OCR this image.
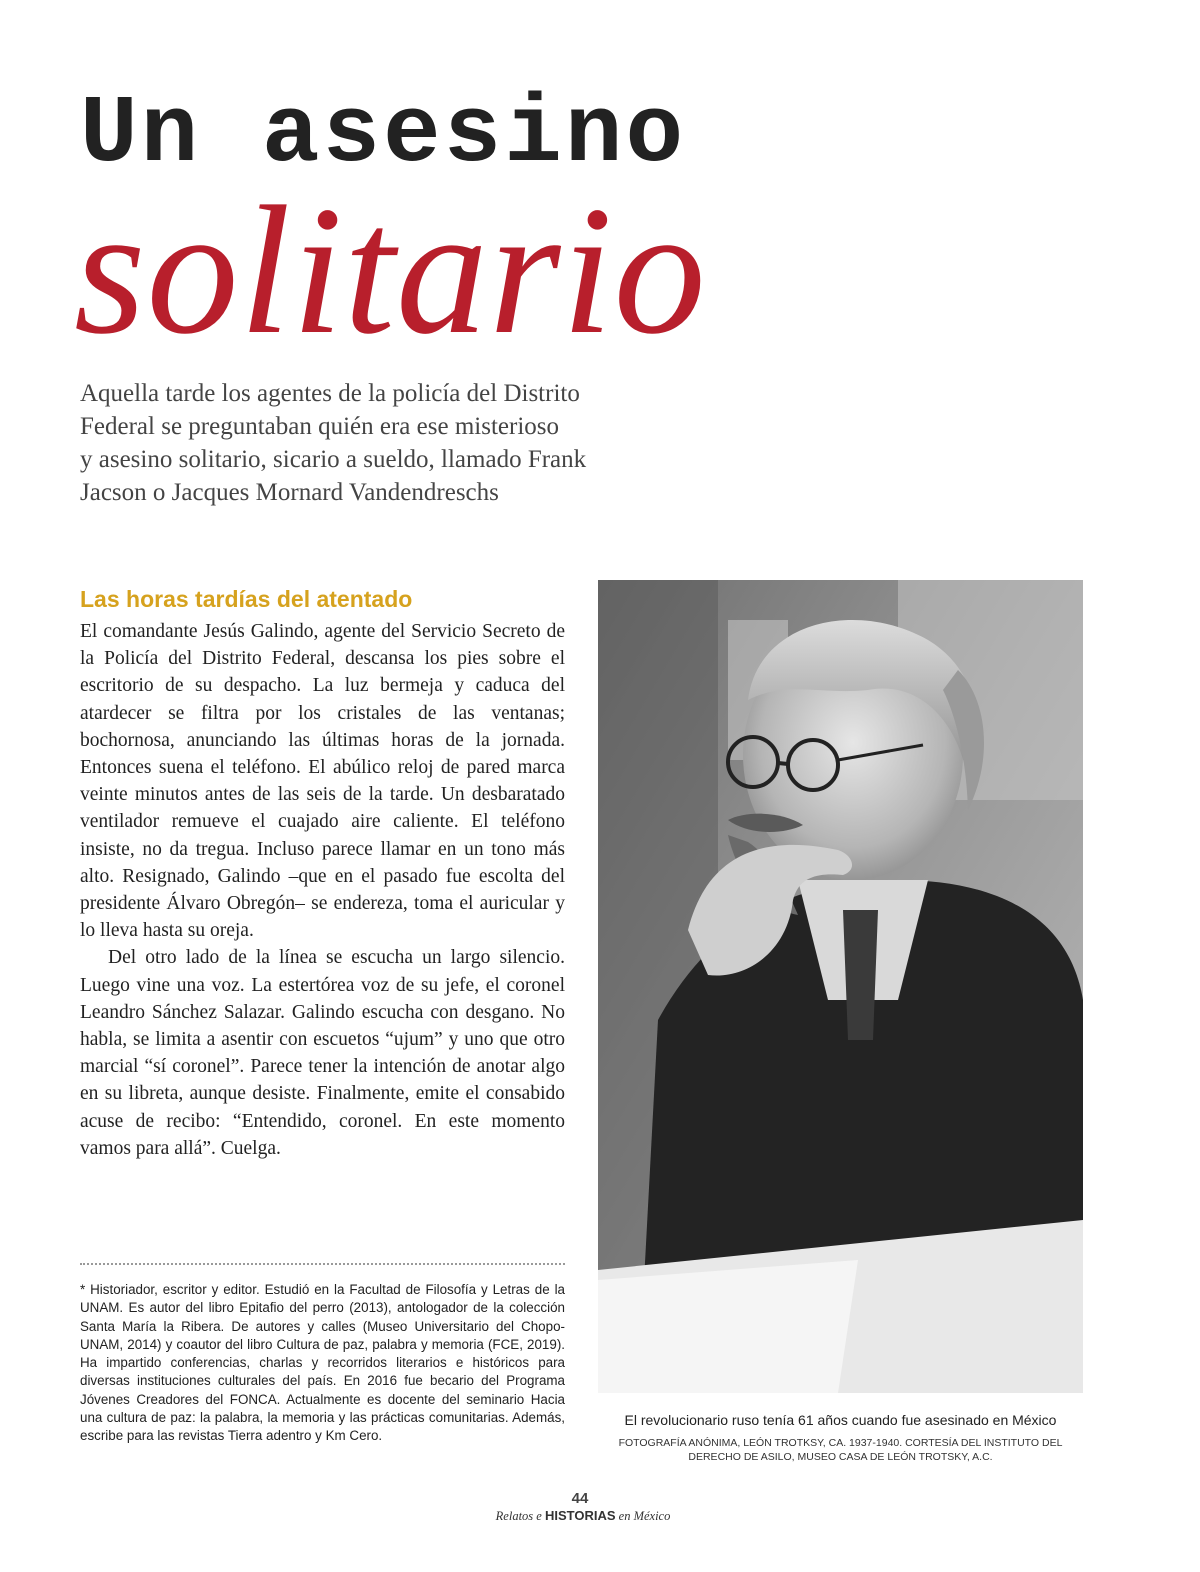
Un asesino
solitario
Aquella tarde los agentes de la policía del Distrito
Federal se preguntaban quién era ese misterioso
y asesino solitario, sicario a sueldo, llamado Frank
Jacson o Jacques Mornard Vandendreschs
Las horas tardías del atentado

El comandante Jesús Galindo, agente del Servicio Secreto de la Policía del Distrito Federal, descansa los pies sobre el escritorio de su despacho. La luz bermeja y caduca del atardecer se filtra por los cristales de las ventanas; bochornosa, anunciando las últimas horas de la jornada. Entonces suena el teléfono. El abúlico reloj de pared marca veinte minutos antes de las seis de la tarde. Un desbaratado ventilador remueve el cuajado aire caliente. El teléfono insiste, no da tregua. Incluso parece llamar en un tono más alto. Resignado, Galindo –que en el pasado fue escolta del presidente Álvaro Obregón– se endereza, toma el auricular y lo lleva hasta su oreja.

Del otro lado de la línea se escucha un largo silencio. Luego vine una voz. La estertórea voz de su jefe, el coronel Leandro Sánchez Salazar. Galindo escucha con desgano. No habla, se limita a asentir con escuetos “ujum” y uno que otro marcial “sí coronel”. Parece tener la intención de anotar algo en su libreta, aunque desiste. Finalmente, emite el consabido acuse de recibo: “Entendido, coronel. En este momento vamos para allá”. Cuelga.

* Historiador, escritor y editor. Estudió en la Facultad de Filosofía y Letras de la UNAM. Es autor del libro Epitafio del perro (2013), antologador de la colección Santa María la Ribera. De autores y calles (Museo Universitario del Chopo-UNAM, 2014) y coautor del libro Cultura de paz, palabra y memoria (FCE, 2019). Ha impartido conferencias, charlas y recorridos literarios e históricos para diversas instituciones culturales del país. En 2016 fue becario del Programa Jóvenes Creadores del FONCA. Actualmente es docente del seminario Hacia una cultura de paz: la palabra, la memoria y las prácticas comunitarias. Además, escribe para las revistas Tierra adentro y Km Cero.
El revolucionario ruso tenía 61 años cuando fue asesinado en México
FOTOGRAFÍA ANÓNIMA, LEÓN TROTKSY, CA. 1937-1940. CORTESÍA DEL INSTITUTO DEL DERECHO DE ASILO, MUSEO CASA DE LEÓN TROTSKY, A.C.
44
Relatos e HISTORIAS en México
